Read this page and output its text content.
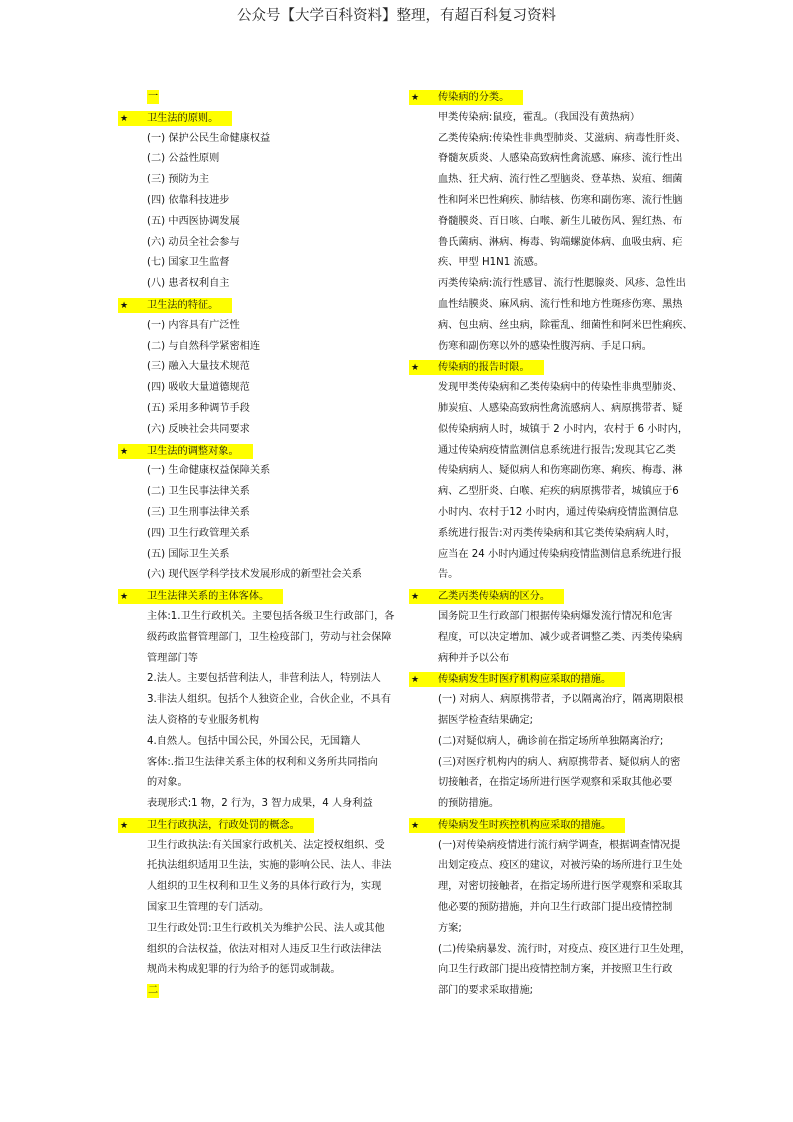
公众号【大学百科资料】整理，有超百科复习资料
一
★ 卫生法的原则。
(一) 保护公民生命健康权益
(二) 公益性原则
(三) 预防为主
(四) 依靠科技进步
(五) 中西医协调发展
(六) 动员全社会参与
(七) 国家卫生监督
(八) 患者权利自主
★ 卫生法的特征。
(一) 内容具有广泛性
(二) 与自然科学紧密相连
(三) 融入大量技术规范
(四) 吸收大量道德规范
(五) 采用多种调节手段
(六) 反映社会共同要求
★ 卫生法的调整对象。
(一) 生命健康权益保障关系
(二) 卫生民事法律关系
(三) 卫生刑事法律关系
(四) 卫生行政管理关系
(五) 国际卫生关系
(六) 现代医学科学技术发展形成的新型社会关系
★ 卫生法律关系的主体客体。
主体:1.卫生行政机关。主要包括各级卫生行政部门，各
级药政监督管理部门，卫生检疫部门，劳动与社会保障
管理部门等
2.法人。主要包括营利法人，非营利法人，特别法人
3.非法人组织。包括个人独资企业，合伙企业，不具有
法人资格的专业服务机构
4.自然人。包括中国公民，外国公民，无国籍人
客体:.指卫生法律关系主体的权利和义务所共同指向
的对象。
表现形式:1 物，2 行为，3 智力成果，4 人身利益
★ 卫生行政执法，行政处罚的概念。
卫生行政执法:有关国家行政机关、法定授权组织、受
托执法组织适用卫生法，实施的影响公民、法人、非法
人组织的卫生权利和卫生义务的具体行政行为，实现
国家卫生管理的专门活动。
卫生行政处罚:卫生行政机关为维护公民、法人或其他
组织的合法权益，依法对相对人违反卫生行政法律法
规尚未构成犯罪的行为给予的惩罚或制裁。
二
★ 传染病的分类。
甲类传染病:鼠疫，霍乱。（我国没有黄热病）
乙类传染病:传染性非典型肺炎、艾滋病、病毒性肝炎、
脊髓灰质炎、人感染高致病性禽流感、麻疹、流行性出
血热、狂犬病、流行性乙型脑炎、登革热、炭疽、细菌
性和阿米巴性痢疾、肺结核、伤寒和副伤寒、流行性脑
脊髓膜炎、百日咳、白喉、新生儿破伤风、猩红热、布
鲁氏菌病、淋病、梅毒、钩端螺旋体病、血吸虫病、疟
疾、甲型 H1N1 流感。
丙类传染病:流行性感冒、流行性腮腺炎、风疹、急性出
血性结膜炎、麻风病、流行性和地方性斑疹伤寒、黑热
病、包虫病、丝虫病，除霍乱、细菌性和阿米巴性痢疾、
伤寒和副伤寒以外的感染性腹泻病、手足口病。
★ 传染病的报告时限。
发现甲类传染病和乙类传染病中的传染性非典型肺炎、
肺炭疽、人感染高致病性禽流感病人、病原携带者、疑
似传染病病人时，城镇于 2 小时内，农村于 6 小时内，
通过传染病疫情监测信息系统进行报告;发现其它乙类
传染病病人、疑似病人和伤寒副伤寒、痢疾、梅毒、淋
病、乙型肝炎、白喉、疟疾的病原携带者，城镇应于6
小时内、农村于12 小时内，通过传染病疫情监测信息
系统进行报告:对丙类传染病和其它类传染病病人时，
应当在 24 小时内通过传染病疫情监测信息系统进行报
告。
★ 乙类丙类传染病的区分。
国务院卫生行政部门根据传染病爆发流行情况和危害
程度，可以决定增加、减少或者调整乙类、丙类传染病
病种并予以公布
★ 传染病发生时医疗机构应采取的措施。
(一) 对病人、病原携带者，予以隔离治疗，隔离期限根
据医学检查结果确定;
(二)对疑似病人，确诊前在指定场所单独隔离治疗;
(三)对医疗机构内的病人、病原携带者、疑似病人的密
切接触者，在指定场所进行医学观察和采取其他必要
的预防措施。
★ 传染病发生时疾控机构应采取的措施。
(一)对传染病疫情进行流行病学调查，根据调查情况提
出划定疫点、疫区的建议，对被污染的场所进行卫生处
理，对密切接触者，在指定场所进行医学观察和采取其
他必要的预防措施，并向卫生行政部门提出疫情控制
方案;
(二)传染病暴发、流行时，对疫点、疫区进行卫生处理，
向卫生行政部门提出疫情控制方案，并按照卫生行政
部门的要求采取措施;
